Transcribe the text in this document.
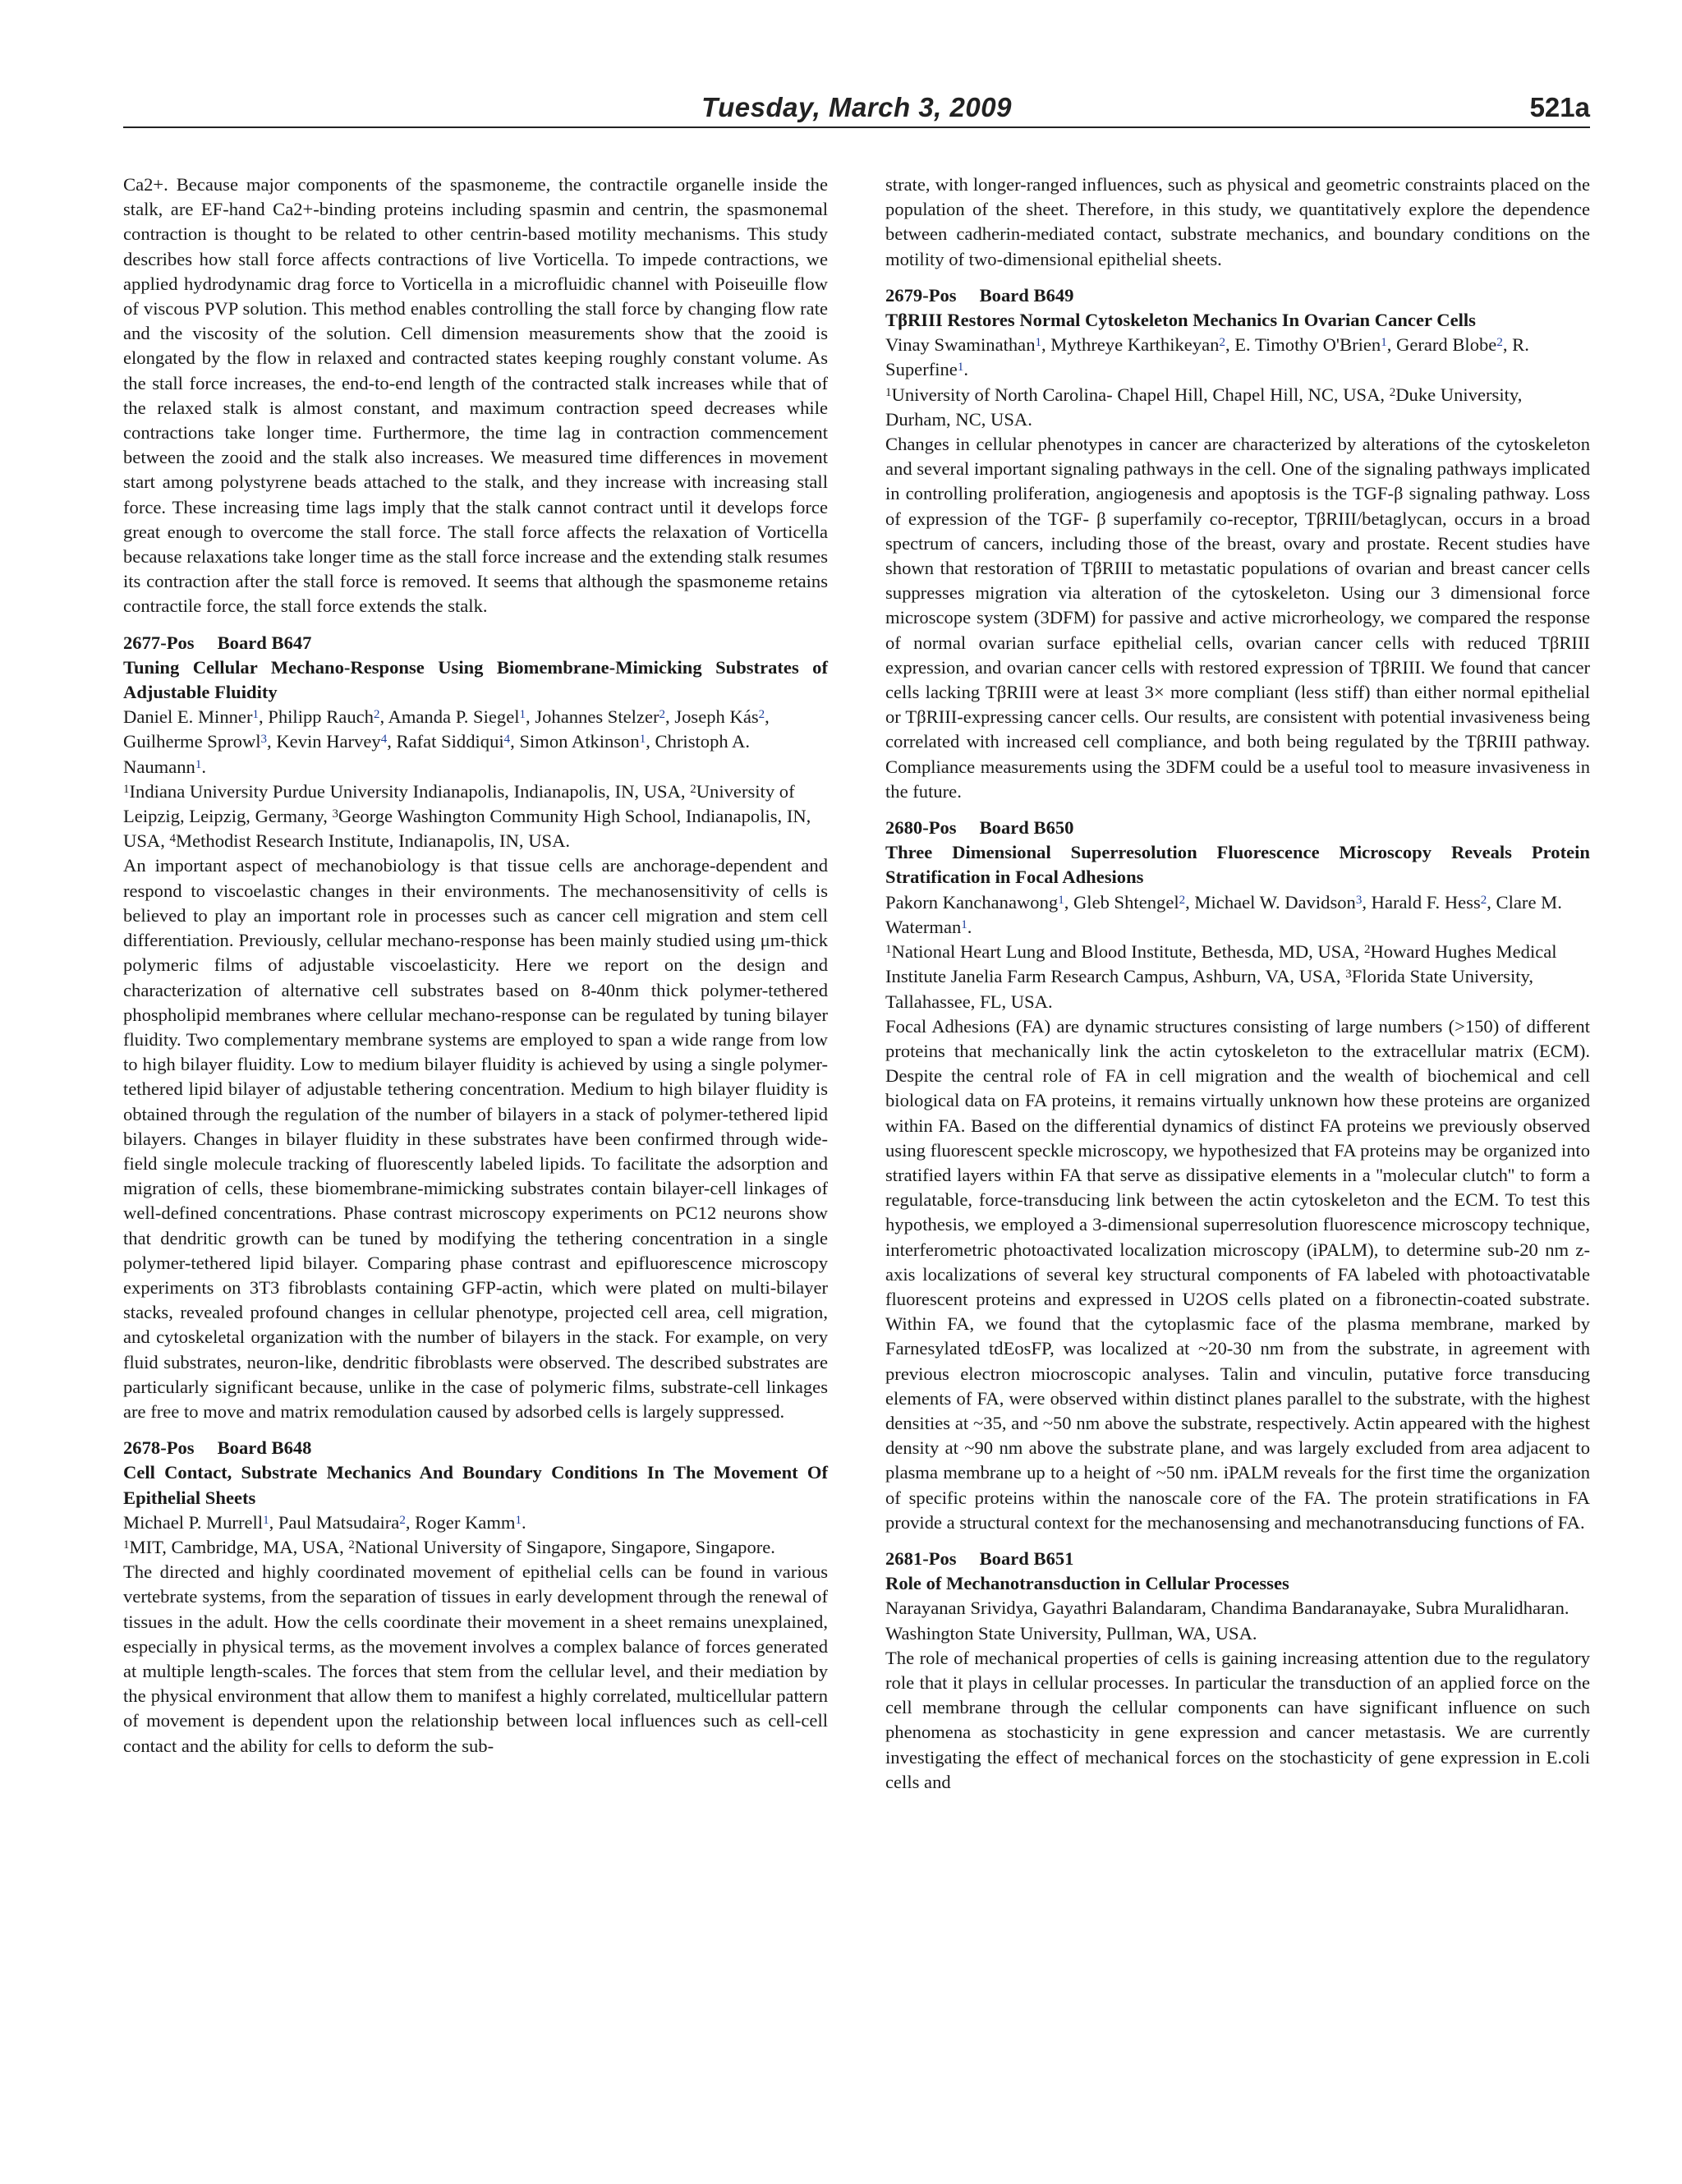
Tuesday, March 3, 2009	521a

Ca2+. Because major components of the spasmoneme, the contractile organelle inside the stalk, are EF-hand Ca2+-binding proteins including spasmin and centrin, the spasmonemal contraction is thought to be related to other centrin-based motility mechanisms. This study describes how stall force affects contractions of live Vorticella. To impede contractions, we applied hydrodynamic drag force to Vorticella in a microfluidic channel with Poiseuille flow of viscous PVP solution. This method enables controlling the stall force by changing flow rate and the viscosity of the solution. Cell dimension measurements show that the zooid is elongated by the flow in relaxed and contracted states keeping roughly constant volume. As the stall force increases, the end-to-end length of the contracted stalk increases while that of the relaxed stalk is almost constant, and maximum contraction speed decreases while contractions take longer time. Furthermore, the time lag in contraction commencement between the zooid and the stalk also increases. We measured time differences in movement start among polystyrene beads attached to the stalk, and they increase with increasing stall force. These increasing time lags imply that the stalk cannot contract until it develops force great enough to overcome the stall force. The stall force affects the relaxation of Vorticella because relaxations take longer time as the stall force increase and the extending stalk resumes its contraction after the stall force is removed. It seems that although the spasmoneme retains contractile force, the stall force extends the stalk.

2677-Pos Board B647

Tuning Cellular Mechano-Response Using Biomembrane-Mimicking Substrates of Adjustable Fluidity

Daniel E. Minner$^1$, Philipp Rauch$^2$, Amanda P. Siegel$^1$, Johannes Stelzer$^2$, Joseph Kás$^2$, Guilherme Sprowl$^3$, Kevin Harvey$^4$, Rafat Siddiqui$^4$, Simon Atkinson$^1$, Christoph A. Naumann$^1$.

$^1$Indiana University Purdue University Indianapolis, Indianapolis, IN, USA, $^2$University of Leipzig, Leipzig, Germany, $^3$George Washington Community High School, Indianapolis, IN, USA, $^4$Methodist Research Institute, Indianapolis, IN, USA.

An important aspect of mechanobiology is that tissue cells are anchorage-dependent and respond to viscoelastic changes in their environments. The mechanosensitivity of cells is believed to play an important role in processes such as cancer cell migration and stem cell differentiation. Previously, cellular mechano-response has been mainly studied using μm-thick polymeric films of adjustable viscoelasticity. Here we report on the design and characterization of alternative cell substrates based on 8-40nm thick polymer-tethered phospholipid membranes where cellular mechano-response can be regulated by tuning bilayer fluidity. Two complementary membrane systems are employed to span a wide range from low to high bilayer fluidity. Low to medium bilayer fluidity is achieved by using a single polymer-tethered lipid bilayer of adjustable tethering concentration. Medium to high bilayer fluidity is obtained through the regulation of the number of bilayers in a stack of polymer-tethered lipid bilayers. Changes in bilayer fluidity in these substrates have been confirmed through wide-field single molecule tracking of fluorescently labeled lipids. To facilitate the adsorption and migration of cells, these biomembrane-mimicking substrates contain bilayer-cell linkages of well-defined concentrations. Phase contrast microscopy experiments on PC12 neurons show that dendritic growth can be tuned by modifying the tethering concentration in a single polymer-tethered lipid bilayer. Comparing phase contrast and epifluorescence microscopy experiments on 3T3 fibroblasts containing GFP-actin, which were plated on multi-bilayer stacks, revealed profound changes in cellular phenotype, projected cell area, cell migration, and cytoskeletal organization with the number of bilayers in the stack. For example, on very fluid substrates, neuron-like, dendritic fibroblasts were observed. The described substrates are particularly significant because, unlike in the case of polymeric films, substrate-cell linkages are free to move and matrix remodulation caused by adsorbed cells is largely suppressed.

2678-Pos Board B648

Cell Contact, Substrate Mechanics And Boundary Conditions In The Movement Of Epithelial Sheets

Michael P. Murrell$^1$, Paul Matsudaira$^2$, Roger Kamm$^1$.

$^1$MIT, Cambridge, MA, USA, $^2$National University of Singapore, Singapore, Singapore.

The directed and highly coordinated movement of epithelial cells can be found in various vertebrate systems, from the separation of tissues in early development through the renewal of tissues in the adult. How the cells coordinate their movement in a sheet remains unexplained, especially in physical terms, as the movement involves a complex balance of forces generated at multiple length-scales. The forces that stem from the cellular level, and their mediation by the physical environment that allow them to manifest a highly correlated, multicellular pattern of movement is dependent upon the relationship between local influences such as cell-cell contact and the ability for cells to deform the sub-

strate, with longer-ranged influences, such as physical and geometric constraints placed on the population of the sheet. Therefore, in this study, we quantitatively explore the dependence between cadherin-mediated contact, substrate mechanics, and boundary conditions on the motility of two-dimensional epithelial sheets.

2679-Pos Board B649

TβRIII Restores Normal Cytoskeleton Mechanics In Ovarian Cancer Cells

Vinay Swaminathan$^1$, Mythreye Karthikeyan$^2$, E. Timothy O'Brien$^1$, Gerard Blobe$^2$, R. Superfine$^1$.

$^1$University of North Carolina- Chapel Hill, Chapel Hill, NC, USA, $^2$Duke University, Durham, NC, USA.

Changes in cellular phenotypes in cancer are characterized by alterations of the cytoskeleton and several important signaling pathways in the cell. One of the signaling pathways implicated in controlling proliferation, angiogenesis and apoptosis is the TGF-β signaling pathway. Loss of expression of the TGF- β superfamily co-receptor, TβRIII/betaglycan, occurs in a broad spectrum of cancers, including those of the breast, ovary and prostate. Recent studies have shown that restoration of TβRIII to metastatic populations of ovarian and breast cancer cells suppresses migration via alteration of the cytoskeleton. Using our 3 dimensional force microscope system (3DFM) for passive and active microrheology, we compared the response of normal ovarian surface epithelial cells, ovarian cancer cells with reduced TβRIII expression, and ovarian cancer cells with restored expression of TβRIII. We found that cancer cells lacking TβRIII were at least 3× more compliant (less stiff) than either normal epithelial or TβRIII-expressing cancer cells. Our results, are consistent with potential invasiveness being correlated with increased cell compliance, and both being regulated by the TβRIII pathway. Compliance measurements using the 3DFM could be a useful tool to measure invasiveness in the future.

2680-Pos Board B650

Three Dimensional Superresolution Fluorescence Microscopy Reveals Protein Stratification in Focal Adhesions

Pakorn Kanchanawong$^1$, Gleb Shtengel$^2$, Michael W. Davidson$^3$, Harald F. Hess$^2$, Clare M. Waterman$^1$.

$^1$National Heart Lung and Blood Institute, Bethesda, MD, USA, $^2$Howard Hughes Medical Institute Janelia Farm Research Campus, Ashburn, VA, USA, $^3$Florida State University, Tallahassee, FL, USA.

Focal Adhesions (FA) are dynamic structures consisting of large numbers (>150) of different proteins that mechanically link the actin cytoskeleton to the extracellular matrix (ECM). Despite the central role of FA in cell migration and the wealth of biochemical and cell biological data on FA proteins, it remains virtually unknown how these proteins are organized within FA. Based on the differential dynamics of distinct FA proteins we previously observed using fluorescent speckle microscopy, we hypothesized that FA proteins may be organized into stratified layers within FA that serve as dissipative elements in a ''molecular clutch'' to form a regulatable, force-transducing link between the actin cytoskeleton and the ECM. To test this hypothesis, we employed a 3-dimensional superresolution fluorescence microscopy technique, interferometric photoactivated localization microscopy (iPALM), to determine sub-20 nm z-axis localizations of several key structural components of FA labeled with photoactivatable fluorescent proteins and expressed in U2OS cells plated on a fibronectin-coated substrate. Within FA, we found that the cytoplasmic face of the plasma membrane, marked by Farnesylated tdEosFP, was localized at ~20-30 nm from the substrate, in agreement with previous electron miocroscopic analyses. Talin and vinculin, putative force transducing elements of FA, were observed within distinct planes parallel to the substrate, with the highest densities at ~35, and ~50 nm above the substrate, respectively. Actin appeared with the highest density at ~90 nm above the substrate plane, and was largely excluded from area adjacent to plasma membrane up to a height of ~50 nm. iPALM reveals for the first time the organization of specific proteins within the nanoscale core of the FA. The protein stratifications in FA provide a structural context for the mechanosensing and mechanotransducing functions of FA.

2681-Pos Board B651

Role of Mechanotransduction in Cellular Processes

Narayanan Srividya, Gayathri Balandaram, Chandima Bandaranayake, Subra Muralidharan.

Washington State University, Pullman, WA, USA.

The role of mechanical properties of cells is gaining increasing attention due to the regulatory role that it plays in cellular processes. In particular the transduction of an applied force on the cell membrane through the cellular components can have significant influence on such phenomena as stochasticity in gene expression and cancer metastasis. We are currently investigating the effect of mechanical forces on the stochasticity of gene expression in E.coli cells and
